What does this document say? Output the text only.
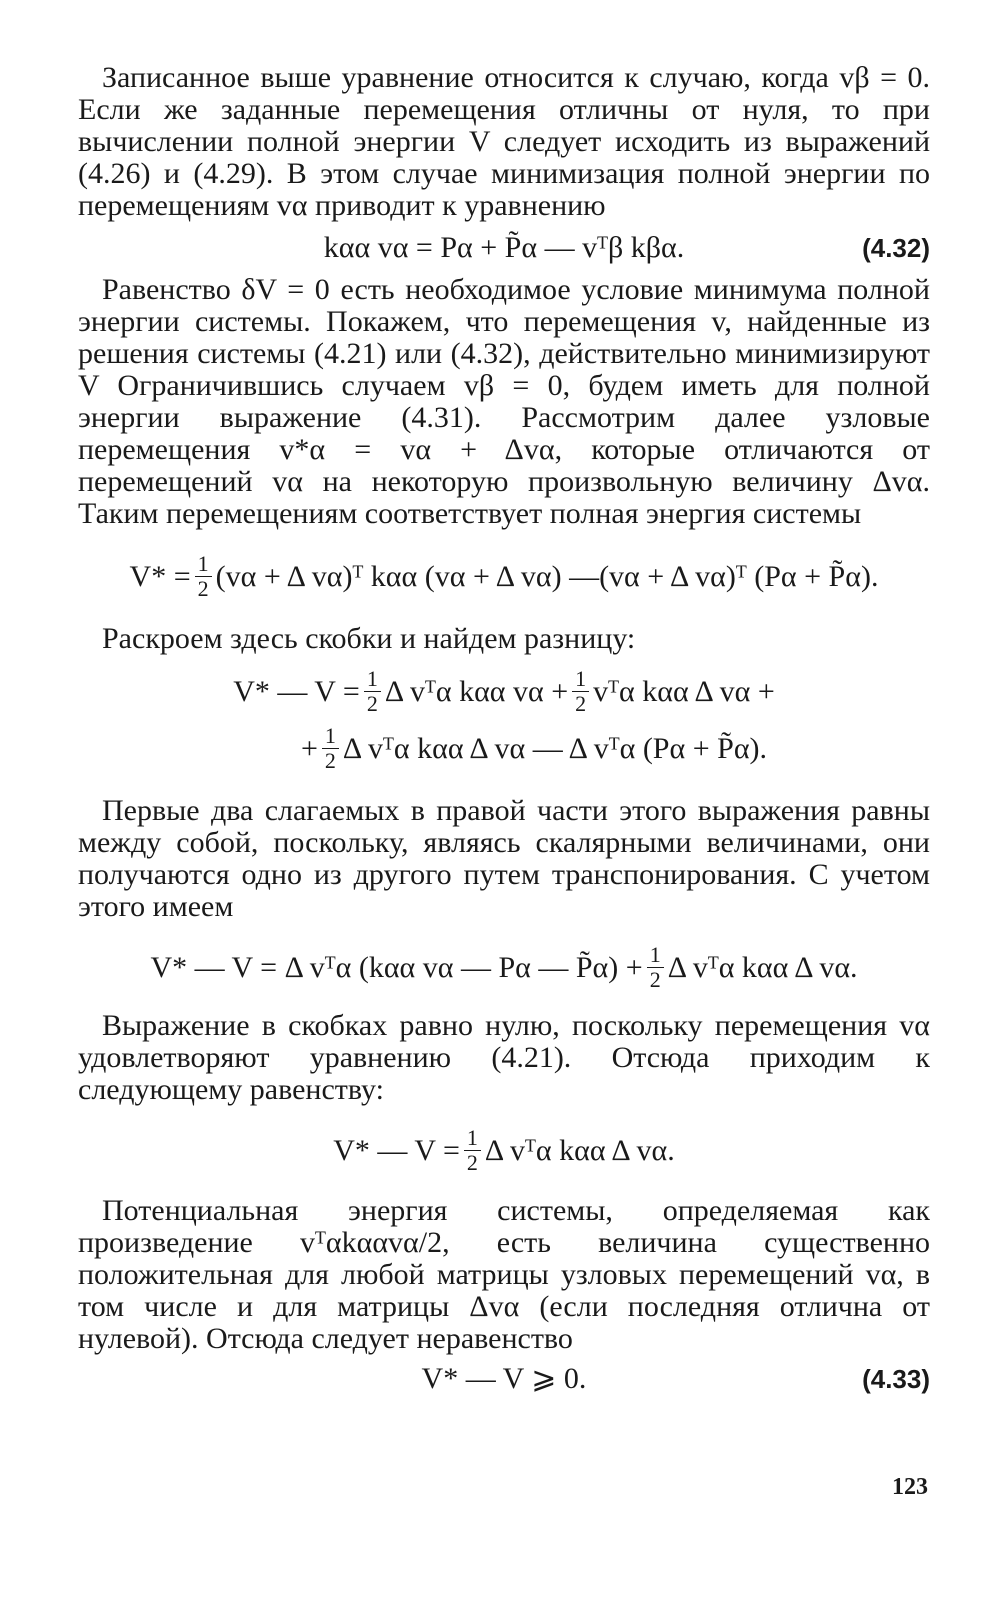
Записанное выше уравнение относится к случаю, когда vβ = 0. Если же заданные перемещения отличны от нуля, то при вычислении полной энергии V следует исходить из выражений (4.26) и (4.29). В этом случае минимизация полной энергии по перемещениям vα приводит к уравнению

kαα vα = Pα + P̃α — vᵀβ kβα.	(4.32)

Равенство δV = 0 есть необходимое условие минимума полной энергии системы. Покажем, что перемещения v, найденные из решения системы (4.21) или (4.32), действительно минимизируют V Ограничившись случаем vβ = 0, будем иметь для полной энергии выражение (4.31). Рассмотрим далее узловые перемещения v*α = vα + Δvα, которые отличаются от перемещений vα на некоторую произвольную величину Δvα. Таким перемещениям соответствует полная энергия системы

$V* = \frac{1}{2} (v\alpha + \Delta$ vα)ᵀ kαα (vα + Δ vα) —(vα + Δ vα)ᵀ (Pα + P̃α).

Раскроем здесь скобки и найдем разницу:

V* — $V = \frac{1}{2}$ Δ vᵀα kαα $v\alpha + \frac{1}{2}$ vᵀα kαα Δ vα +
+ $\frac{1}{2}$ Δ vᵀα kαα Δ vα — Δ vᵀα (Pα + P̃α).

Первые два слагаемых в правой части этого выражения равны между собой, поскольку, являясь скалярными величинами, они получаются одно из другого путем транспонирования. С учетом этого имеем

V* — V = Δ vᵀα (kαα vα — Pα — P̃α) + $\frac{1}{2}$ Δ vᵀα kαα Δ vα.

Выражение в скобках равно нулю, поскольку перемещения vα удовлетворяют уравнению (4.21). Отсюда приходим к следующему равенству:

V* — $V = \frac{1}{2}$ Δ vᵀα kαα Δ vα.

Потенциальная энергия системы, определяемая как произведение vᵀαkααvα/2, есть величина существенно положительная для любой матрицы узловых перемещений vα, в том числе и для матрицы Δvα (если последняя отлична от нулевой). Отсюда следует неравенство

V* — V ⩾ 0.	(4.33)
123
